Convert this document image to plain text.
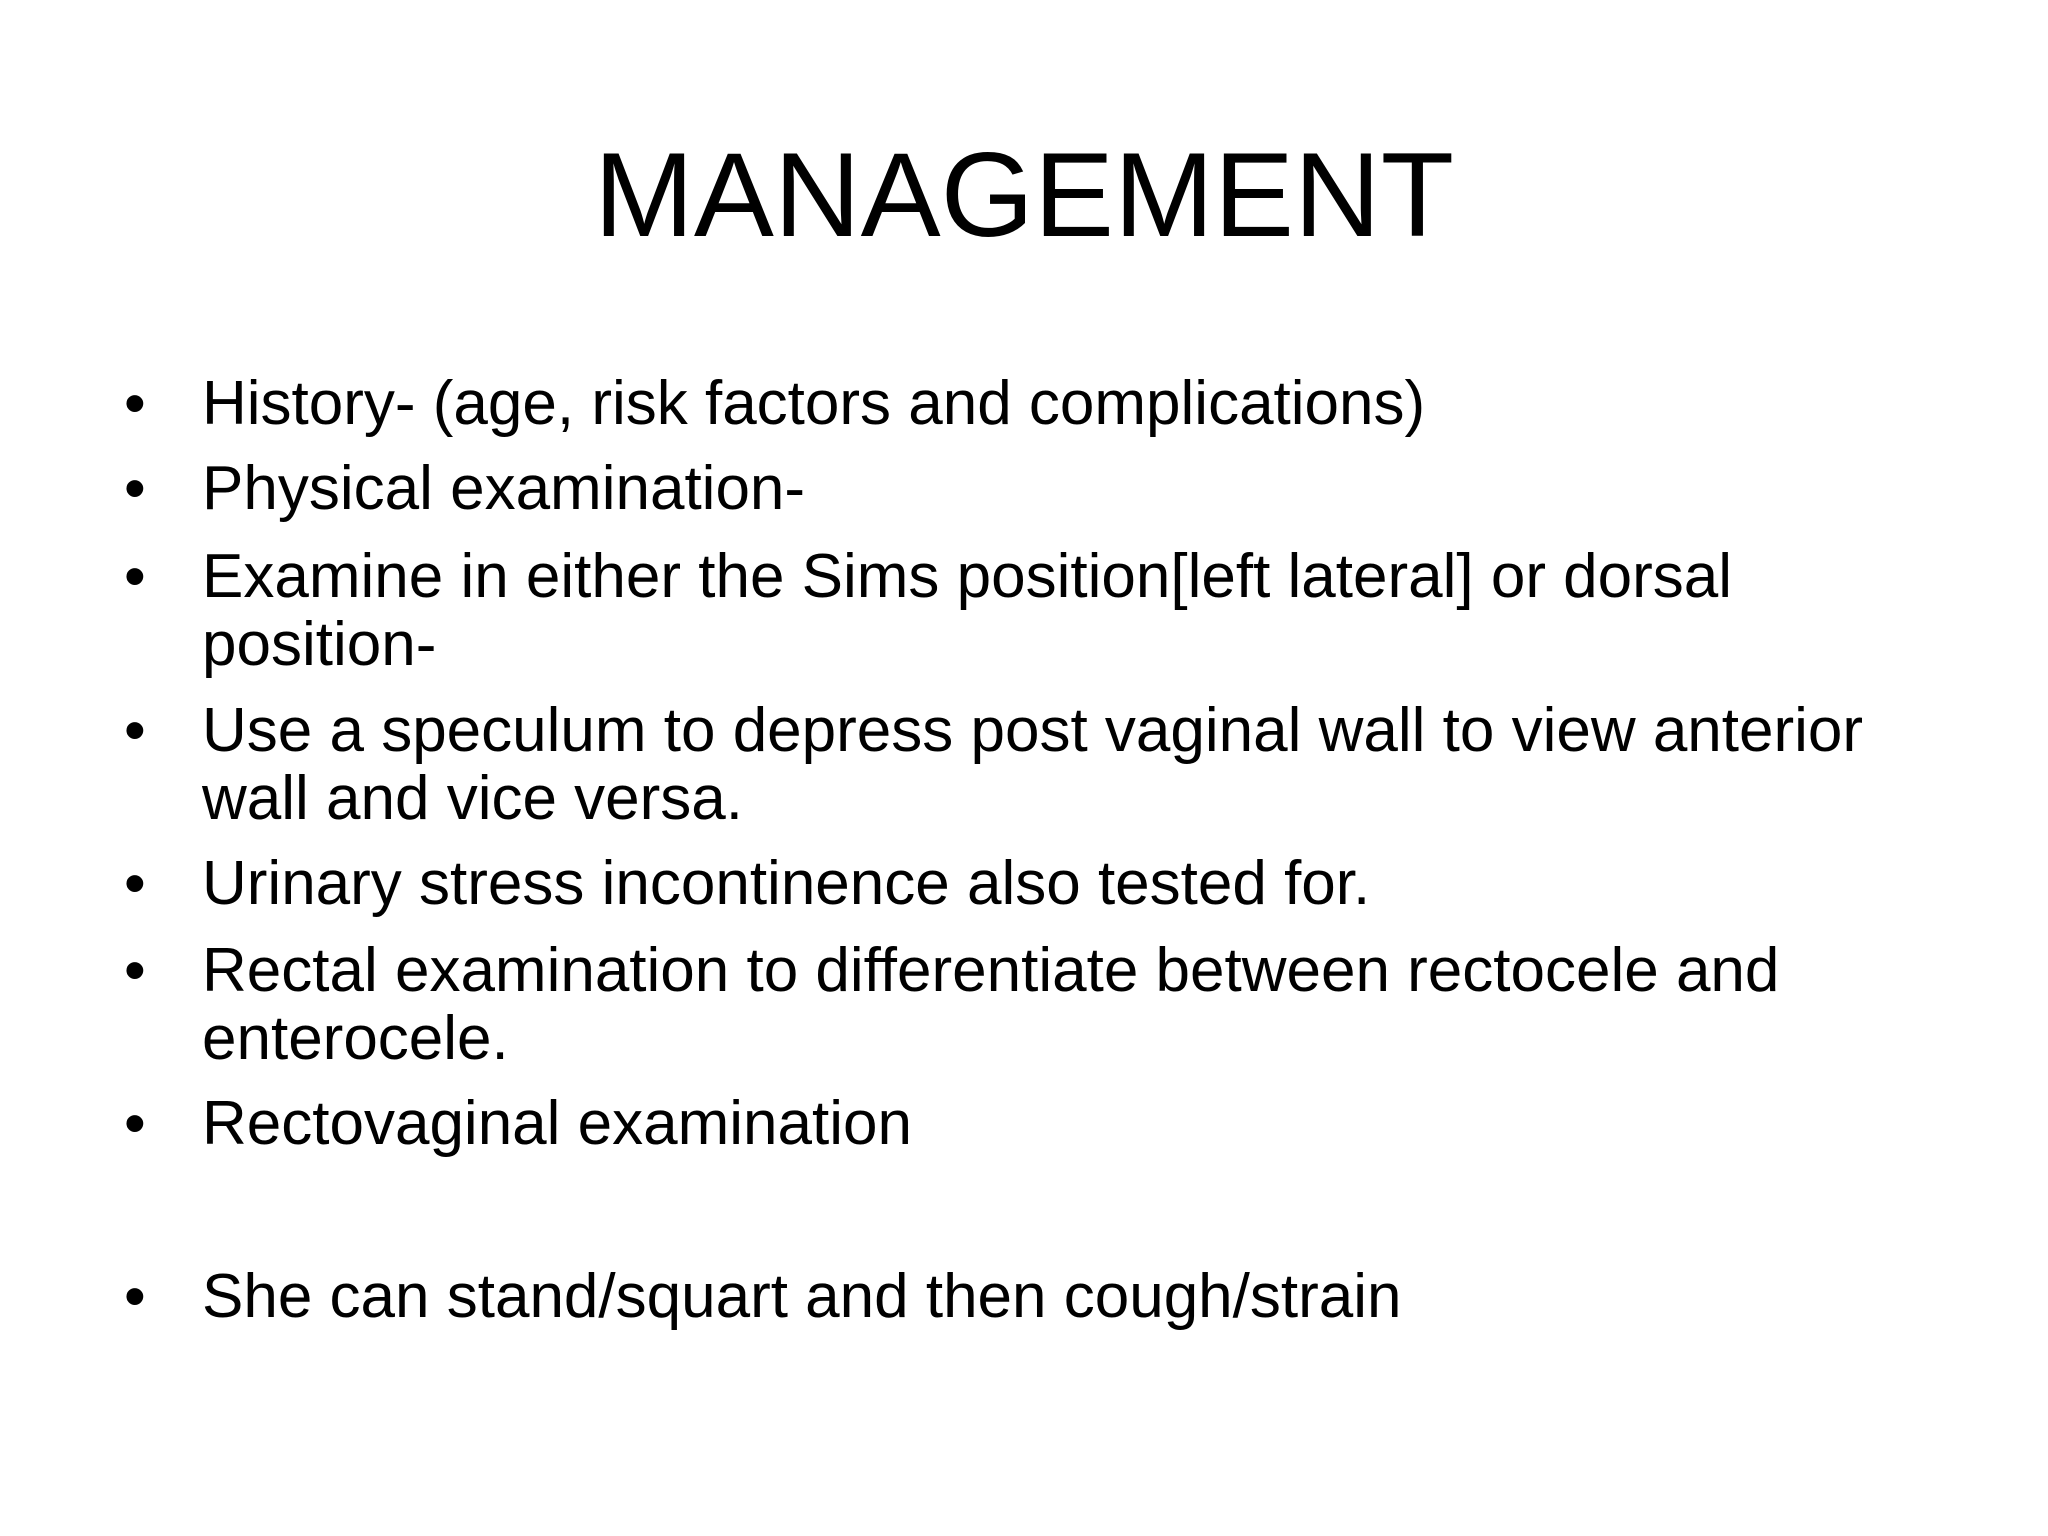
MANAGEMENT
• History- (age, risk factors and complications)
• Physical examination-
• Examine in either the Sims position[left lateral] or dorsal position-
• Use a speculum to depress post vaginal wall to view anterior wall and vice versa.
• Urinary stress incontinence also tested for.
• Rectal examination to differentiate between rectocele and enterocele.
• Rectovaginal examination
• She can stand/squart and then cough/strain
